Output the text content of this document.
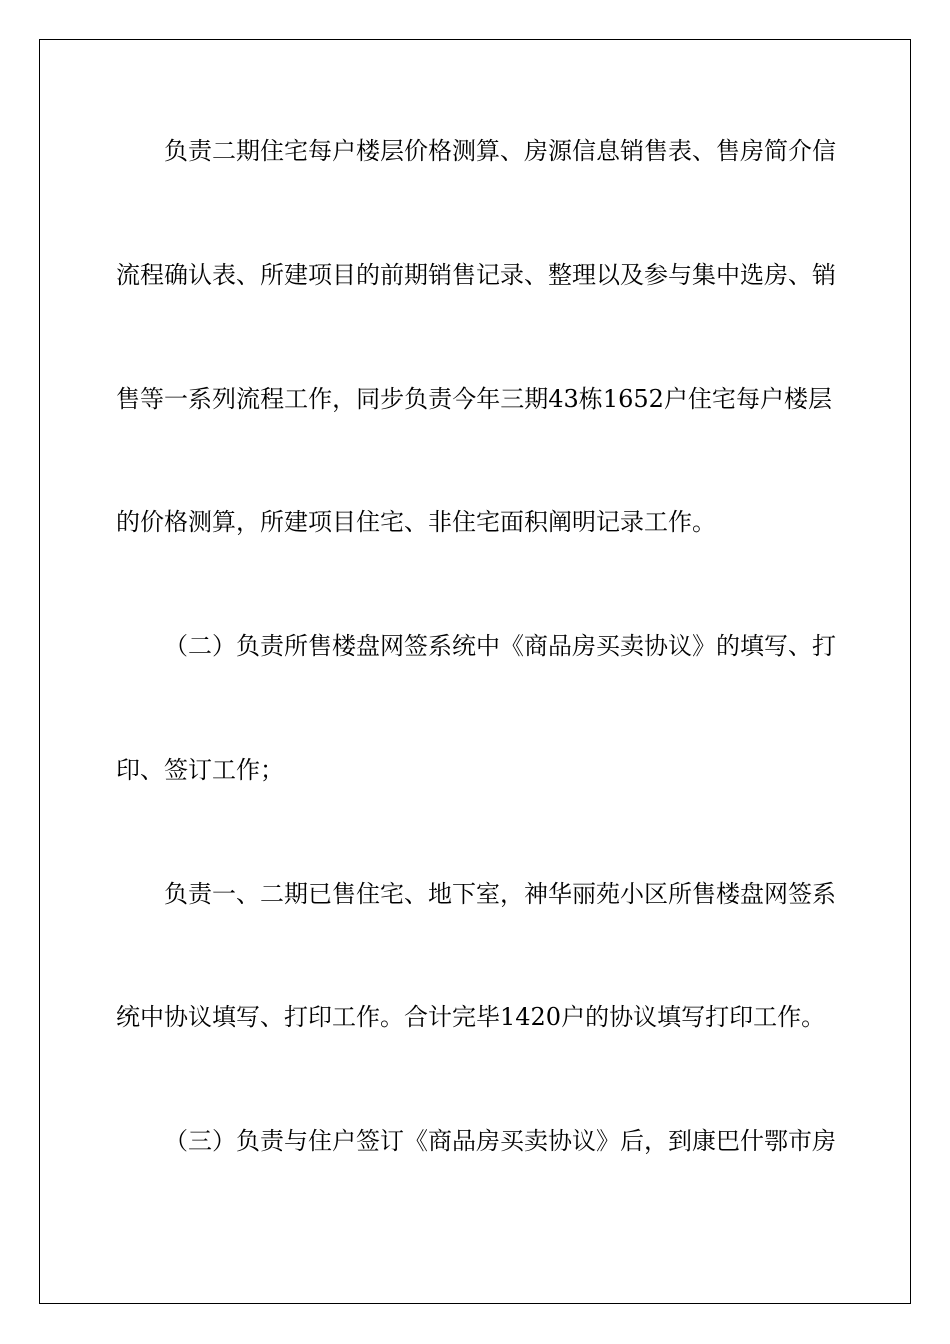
负责二期住宅每户楼层价格测算、房源信息销售表、售房简介信
流程确认表、所建项目的前期销售记录、整理以及参与集中选房、销
售等一系列流程工作，同步负责今年三期43栋1652户住宅每户楼层
的价格测算，所建项目住宅、非住宅面积阐明记录工作。
（二）负责所售楼盘网签系统中《商品房买卖协议》的填写、打
印、签订工作；
负责一、二期已售住宅、地下室，神华丽苑小区所售楼盘网签系
统中协议填写、打印工作。合计完毕1420户的协议填写打印工作。
（三）负责与住户签订《商品房买卖协议》后，到康巴什鄂市房
